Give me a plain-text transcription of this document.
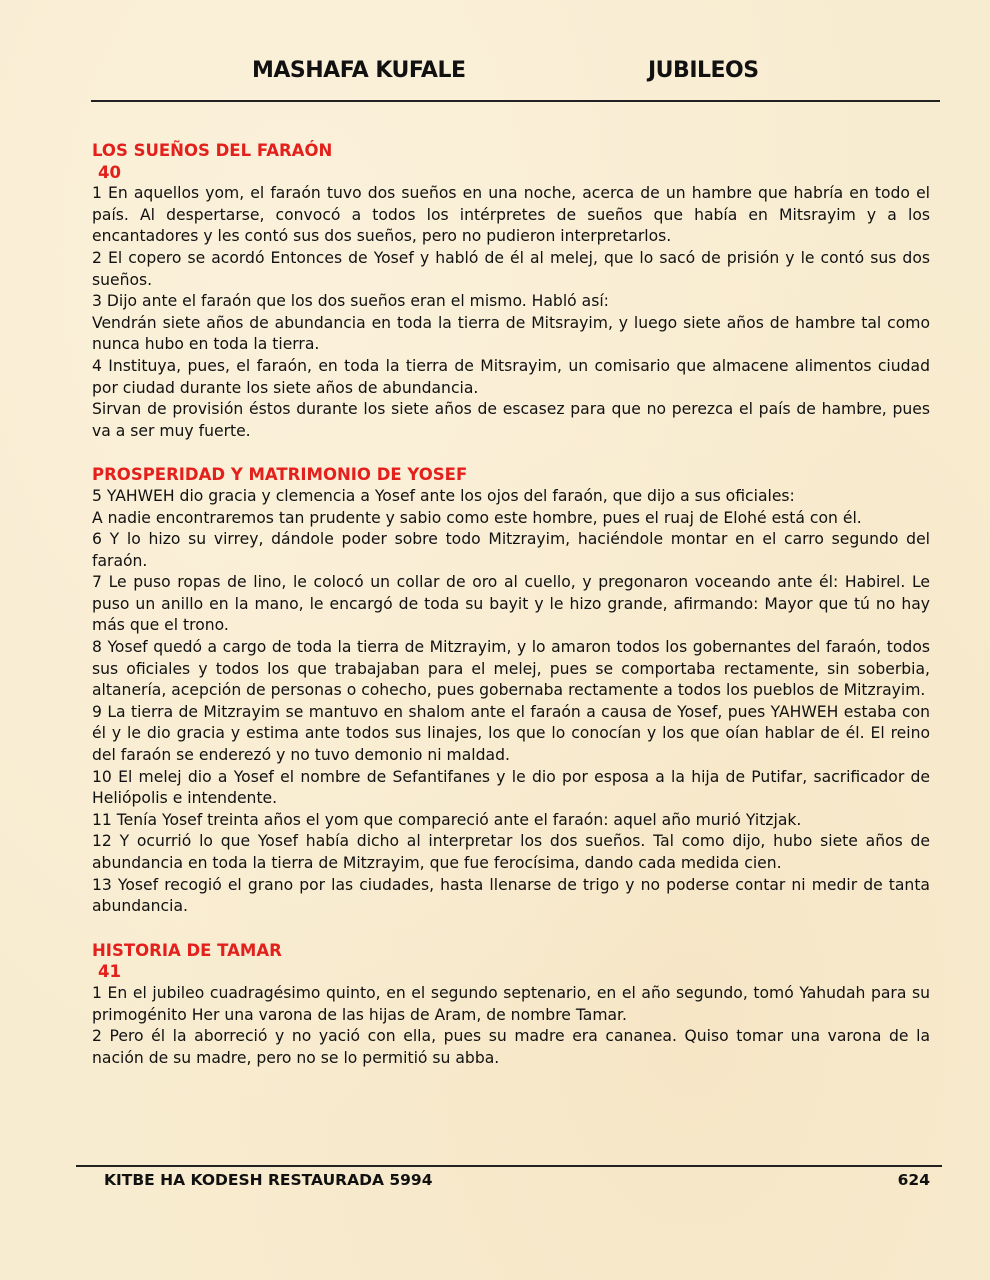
MASHAFA KUFALE	JUBILEOS
LOS SUEÑOS DEL FARAÓN
40

1 En aquellos yom, el faraón tuvo dos sueños en una noche, acerca de un hambre que habría en todo el país. Al despertarse, convocó a todos los intérpretes de sueños que había en Mitsrayim y a los encantadores y les contó sus dos sueños, pero no pudieron interpretarlos.

2 El copero se acordó Entonces de Yosef y habló de él al melej, que lo sacó de prisión y le contó sus dos sueños.

3 Dijo ante el faraón que los dos sueños eran el mismo. Habló así:

Vendrán siete años de abundancia en toda la tierra de Mitsrayim, y luego siete años de hambre tal como nunca hubo en toda la tierra.

4 Instituya, pues, el faraón, en toda la tierra de Mitsrayim, un comisario que almacene alimentos ciudad por ciudad durante los siete años de abundancia.

Sirvan de provisión éstos durante los siete años de escasez para que no perezca el país de hambre, pues va a ser muy fuerte.

PROSPERIDAD Y MATRIMONIO DE YOSEF

5 YAHWEH dio gracia y clemencia a Yosef ante los ojos del faraón, que dijo a sus oficiales:

A nadie encontraremos tan prudente y sabio como este hombre, pues el ruaj de Elohé está con él.

6 Y lo hizo su virrey, dándole poder sobre todo Mitzrayim, haciéndole montar en el carro segundo del faraón.

7 Le puso ropas de lino, le colocó un collar de oro al cuello, y pregonaron voceando ante él: Habirel. Le puso un anillo en la mano, le encargó de toda su bayit y le hizo grande, afirmando: Mayor que tú no hay más que el trono.

8 Yosef quedó a cargo de toda la tierra de Mitzrayim, y lo amaron todos los gobernantes del faraón, todos sus oficiales y todos los que trabajaban para el melej, pues se comportaba rectamente, sin soberbia, altanería, acepción de personas o cohecho, pues gobernaba rectamente a todos los pueblos de Mitzrayim.

9 La tierra de Mitzrayim se mantuvo en shalom ante el faraón a causa de Yosef, pues YAHWEH estaba con él y le dio gracia y estima ante todos sus linajes, los que lo conocían y los que oían hablar de él. El reino del faraón se enderezó y no tuvo demonio ni maldad.

10 El melej dio a Yosef el nombre de Sefantifanes y le dio por esposa a la hija de Putifar, sacrificador de Heliópolis e intendente.

11 Tenía Yosef treinta años el yom que compareció ante el faraón: aquel año murió Yitzjak.

12 Y ocurrió lo que Yosef había dicho al interpretar los dos sueños. Tal como dijo, hubo siete años de abundancia en toda la tierra de Mitzrayim, que fue ferocísima, dando cada medida cien.

13 Yosef recogió el grano por las ciudades, hasta llenarse de trigo y no poderse contar ni medir de tanta abundancia.

HISTORIA DE TAMAR
41

1 En el jubileo cuadragésimo quinto, en el segundo septenario, en el año segundo, tomó Yahudah para su primogénito Her una varona de las hijas de Aram, de nombre Tamar.

2 Pero él la aborreció y no yació con ella, pues su madre era cananea. Quiso tomar una varona de la nación de su madre, pero no se lo permitió su abba.

KITBE HA KODESH RESTAURADA 5994	624
